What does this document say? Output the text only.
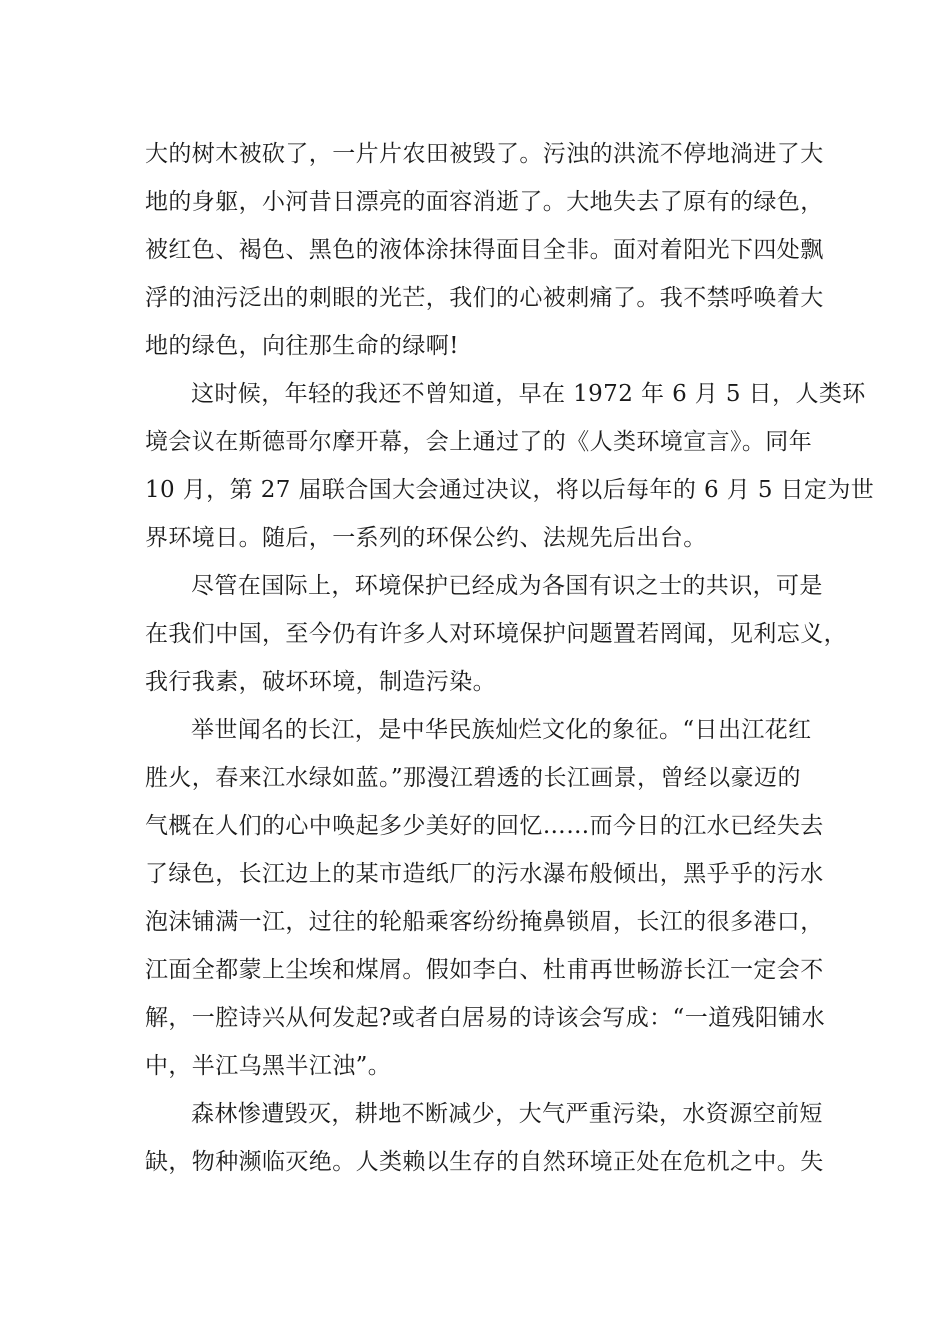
大的树木被砍了，一片片农田被毁了。污浊的洪流不停地淌进了大
地的身躯，小河昔日漂亮的面容消逝了。大地失去了原有的绿色，
被红色、褐色、黑色的液体涂抹得面目全非。面对着阳光下四处飘
浮的油污泛出的刺眼的光芒，我们的心被刺痛了。我不禁呼唤着大
地的绿色，向往那生命的绿啊!
这时候，年轻的我还不曾知道，早在 1972 年 6 月 5 日，人类环
境会议在斯德哥尔摩开幕，会上通过了的《人类环境宣言》。同年
10 月，第 27 届联合国大会通过决议，将以后每年的 6 月 5 日定为世
界环境日。随后，一系列的环保公约、法规先后出台。
尽管在国际上，环境保护已经成为各国有识之士的共识，可是
在我们中国，至今仍有许多人对环境保护问题置若罔闻，见利忘义，
我行我素，破坏环境，制造污染。
举世闻名的长江，是中华民族灿烂文化的象征。“日出江花红
胜火，春来江水绿如蓝。”那漫江碧透的长江画景，曾经以豪迈的
气概在人们的心中唤起多少美好的回忆……而今日的江水已经失去
了绿色，长江边上的某市造纸厂的污水瀑布般倾出，黑乎乎的污水
泡沫铺满一江，过往的轮船乘客纷纷掩鼻锁眉，长江的很多港口，
江面全都蒙上尘埃和煤屑。假如李白、杜甫再世畅游长江一定会不
解，一腔诗兴从何发起?或者白居易的诗该会写成：“一道残阳铺水
中，半江乌黑半江浊”。
森林惨遭毁灭，耕地不断减少，大气严重污染，水资源空前短
缺，物种濒临灭绝。人类赖以生存的自然环境正处在危机之中。失
